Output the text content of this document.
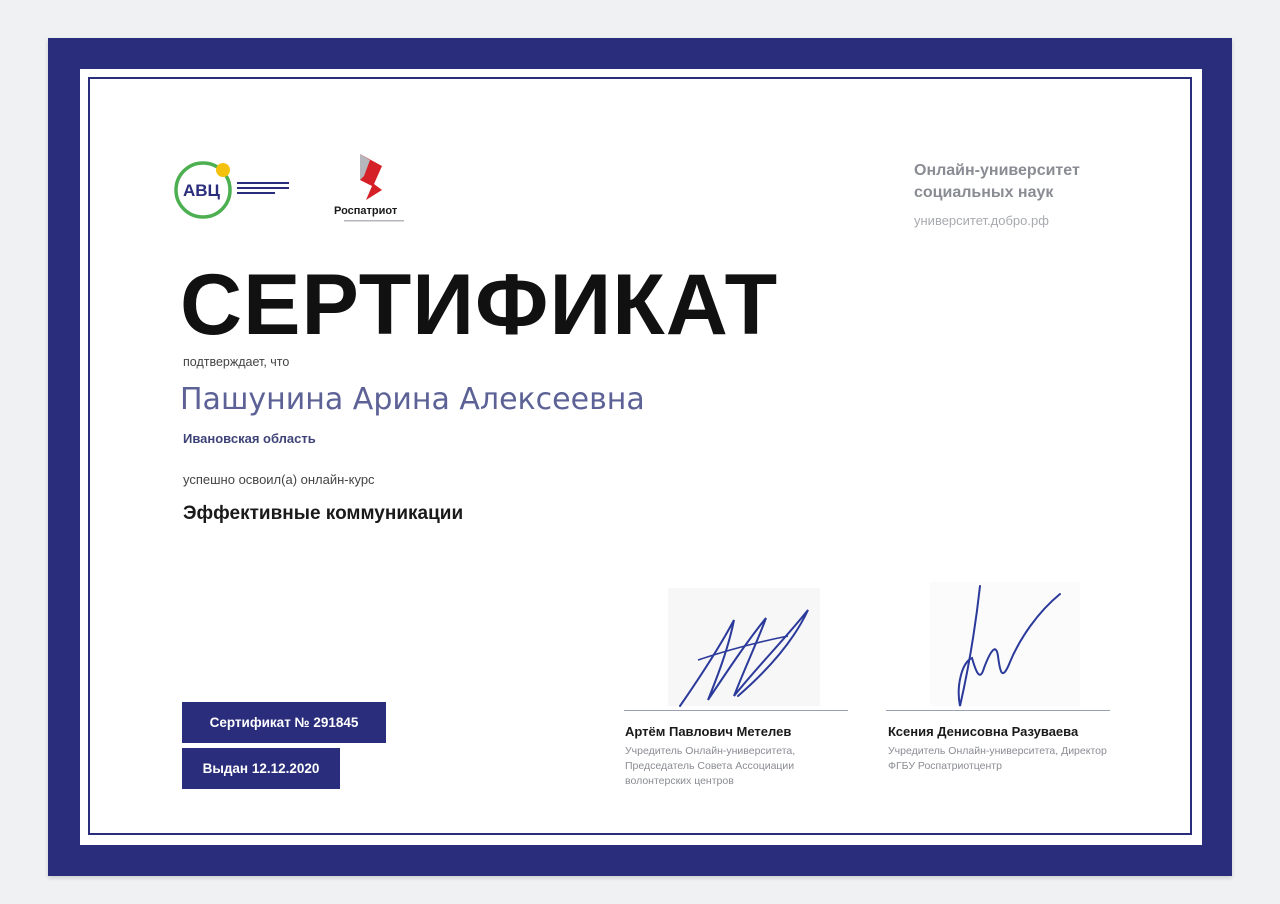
АВЦ
Роспатриот
Онлайн-университет социальных наук
университет.добро.рф
СЕРТИФИКАТ
подтверждает, что
Пашунина Арина Алексеевна
Ивановская область
успешно освоил(а) онлайн-курс
Эффективные коммуникации
Сертификат № 291845
Выдан 12.12.2020
Артём Павлович Метелев
Учредитель Онлайн-университета, Председатель Совета Ассоциации волонтерских центров
Ксения Денисовна Разуваева
Учредитель Онлайн-университета, Директор ФГБУ Роспатриотцентр
